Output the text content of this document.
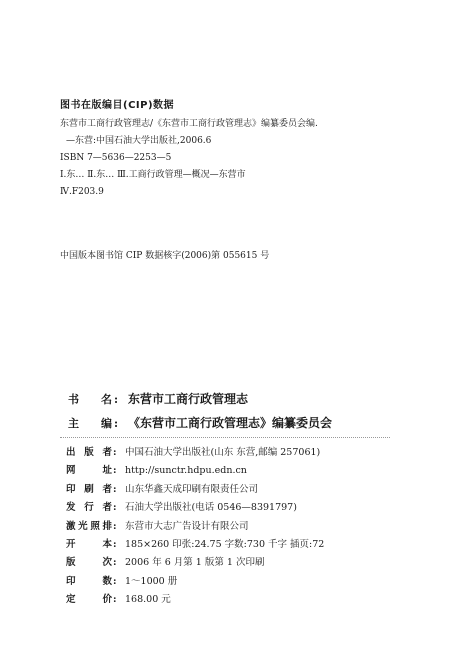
图书在版编目(CIP)数据
东营市工商行政管理志/《东营市工商行政管理志》编纂委员会编.
—东营:中国石油大学出版社,2006.6
ISBN 7—5636—2253—5
Ⅰ.东… Ⅱ.东… Ⅲ.工商行政管理—概况—东营市
Ⅳ.F203.9
中国版本图书馆 CIP 数据核字(2006)第 055615 号
书名 : 东营市工商行政管理志
主编 : 《东营市工商行政管理志》编纂委员会
出版者 : 中国石油大学出版社(山东 东营,邮编 257061)
网址 : http://sunctr.hdpu.edn.cn
印刷者 : 山东华鑫天成印刷有限责任公司
发行者 : 石油大学出版社(电话 0546—8391797)
激光照排 : 东营市大志广告设计有限公司
开本 : 185×260 印张:24.75 字数:730 千字 插页:72
版次 : 2006 年 6 月第 1 版第 1 次印刷
印数 : 1～1000 册
定价 : 168.00 元
